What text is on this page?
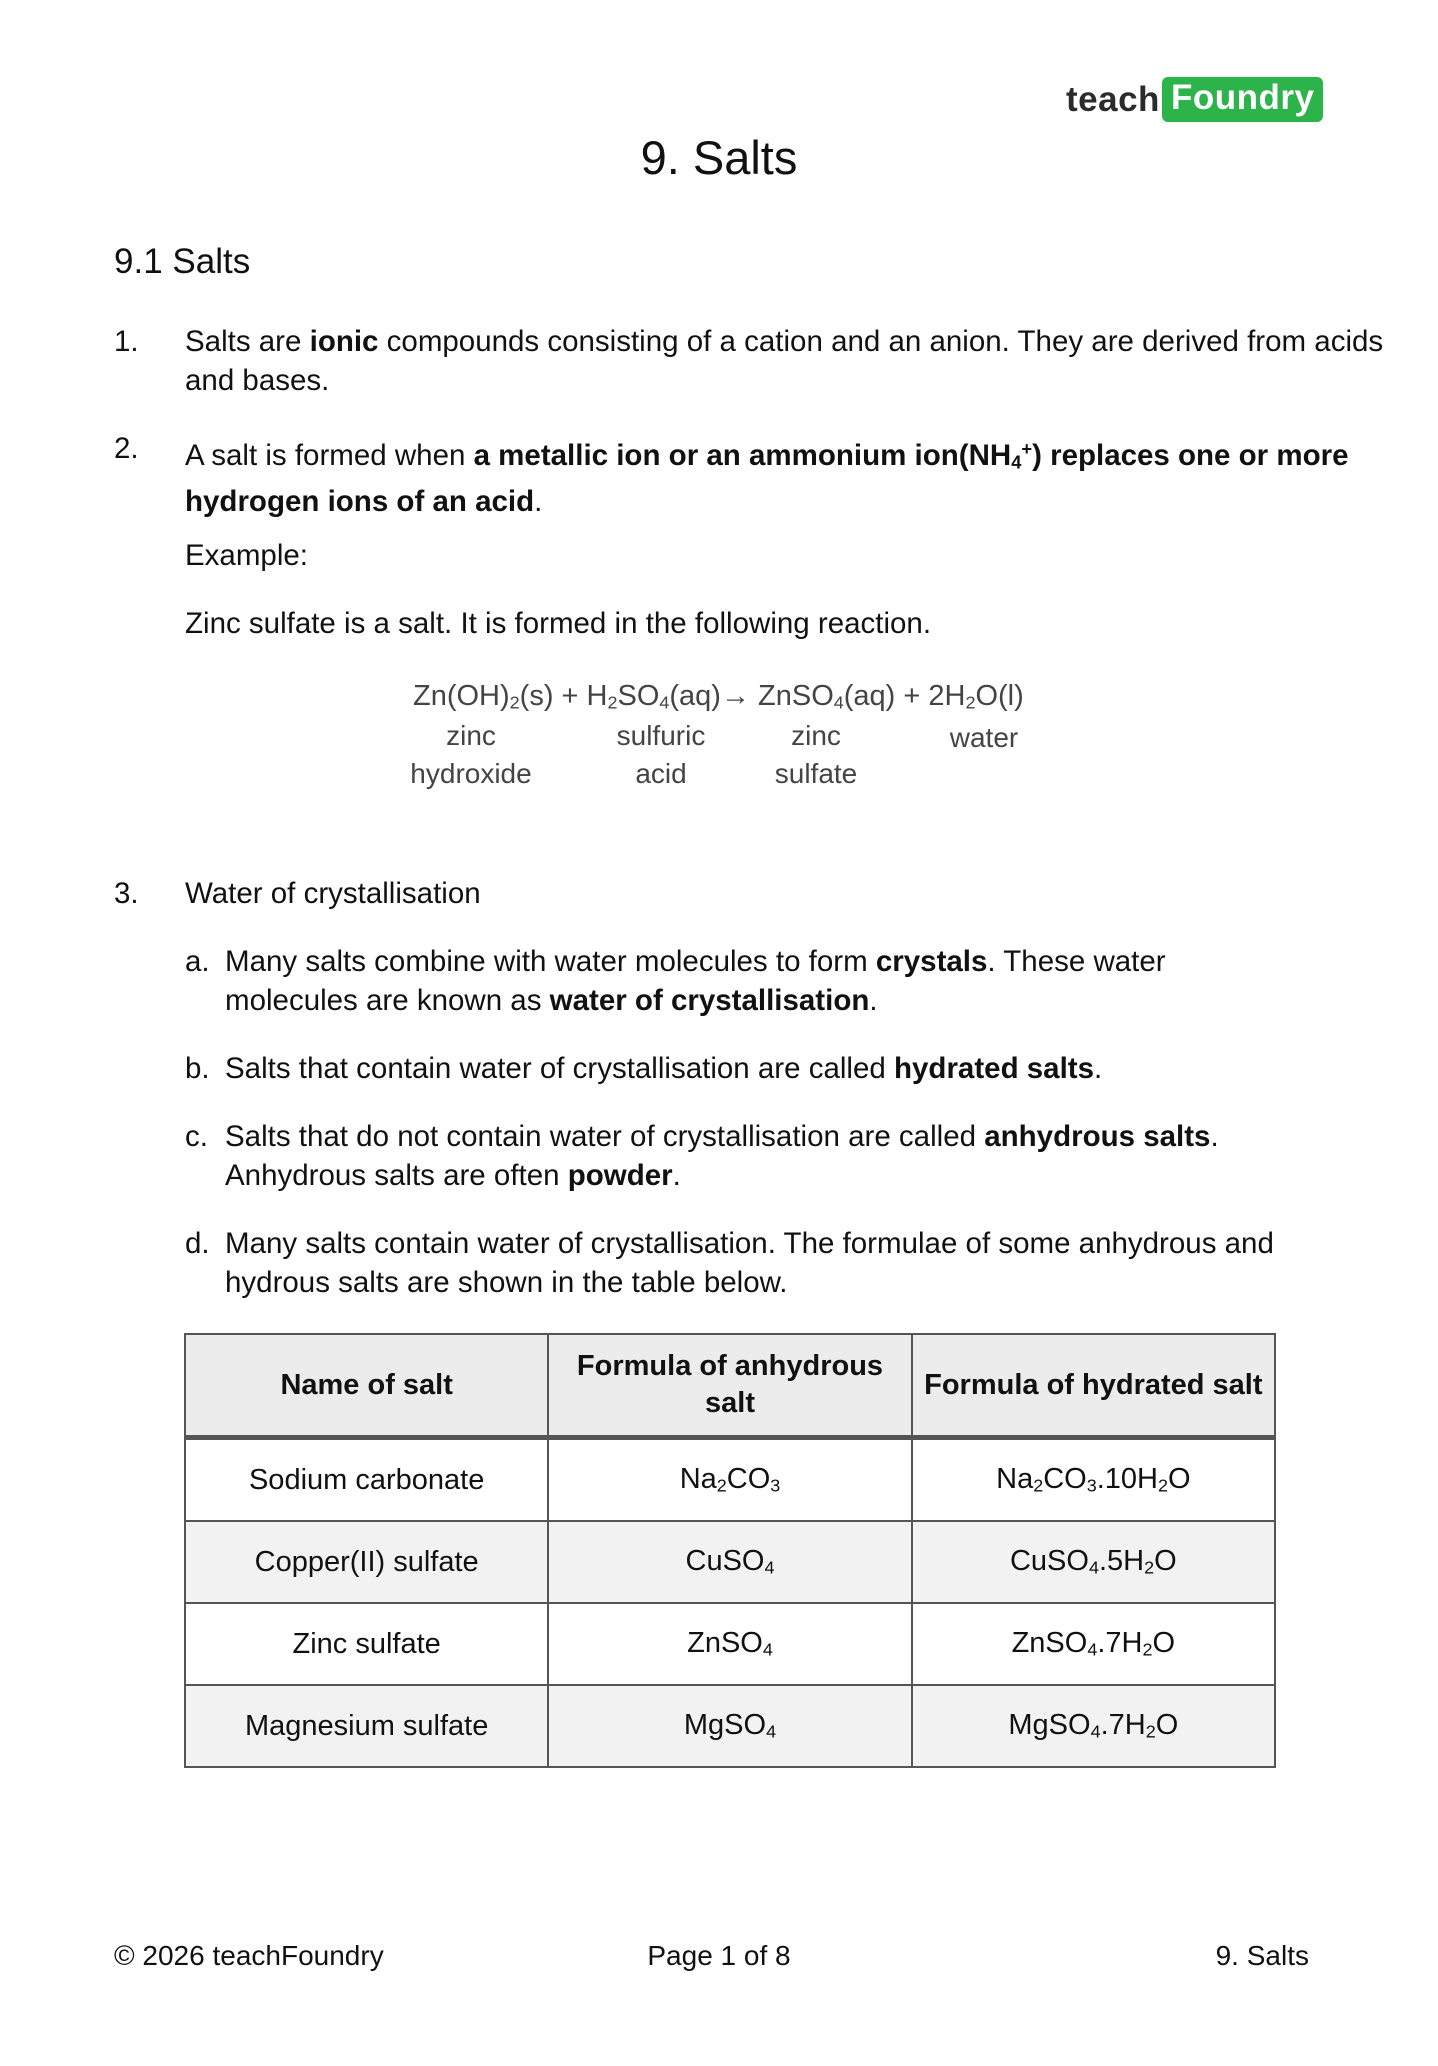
teach Foundry
9. Salts
9.1 Salts
1. Salts are ionic compounds consisting of a cation and an anion. They are derived from acids and bases.
2. A salt is formed when a metallic ion or an ammonium $ion(NH_4^+)$ replaces one or more hydrogen ions of an acid.
Example:
Zinc sulfate is a salt. It is formed in the following reaction.
$Zn(OH)_2(s) + H_2SO_4(aq)\to$ ZnSO$_4$(aq) + $2H_2O(l)$
zinc
hydroxide
sulfuric
acid
zinc
sulfate
water
3. Water of crystallisation
a. Many salts combine with water molecules to form crystals. These water molecules are known as water of crystallisation.
b. Salts that contain water of crystallisation are called hydrated salts.
c. Salts that do not contain water of crystallisation are called anhydrous salts. Anhydrous salts are often powder.
d. Many salts contain water of crystallisation. The formulae of some anhydrous and hydrous salts are shown in the table below.
Name of salt	Formula of anhydrous salt	Formula of hydrated salt
Sodium carbonate	$Na_2CO_3$	$Na_2CO_3.10H_2O$
Copper(II) sulfate	CuSO$_4$	$CuSO_4.5H_2O$
Zinc sulfate	ZnSO$_4$	$ZnSO_4.7H_2O$
Magnesium sulfate	MgSO$_4$	$MgSO_4.7H_2O$
© 2026 teachFoundry	Page 1 of 8	9. Salts
